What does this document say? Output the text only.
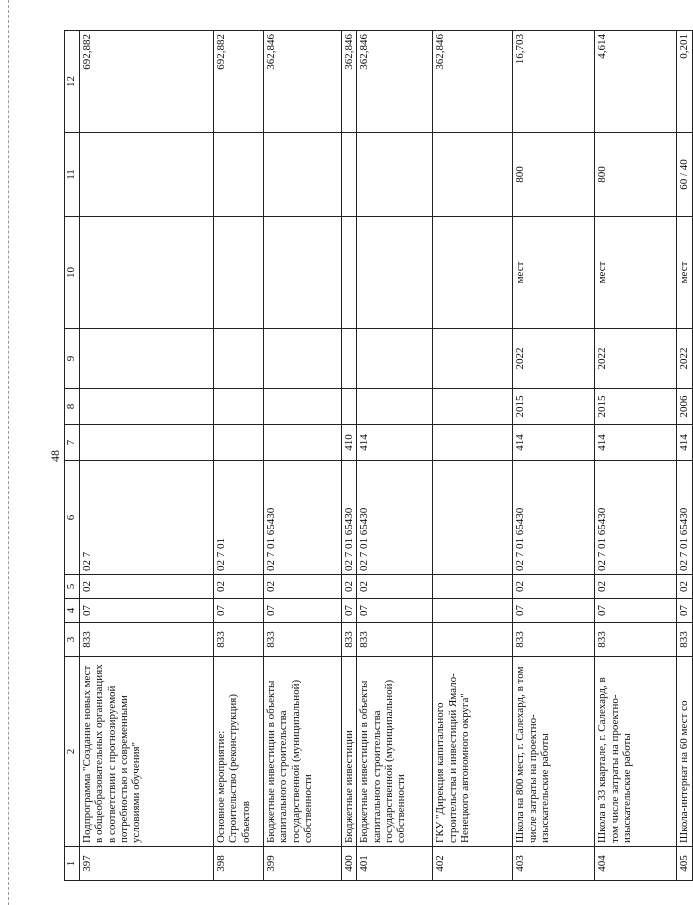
48
1	2	3	4	5	6	7	8	9	10	11	12
397	Подпрограмма "Создание новых мест в общеобразовательных организациях в соответствии с прогнозируемой потребностью и современными условиями обучения"	833	07	02	02 7						692,882
398	Основное мероприятие: Строительство (реконструкция) объектов	833	07	02	02 7 01						692,882
399	Бюджетные инвестиции в объекты капитального строительства государственной (муниципальной) собственности	833	07	02	02 7 01 65430						362,846
400	Бюджетные инвестиции	833	07	02	02 7 01 65430	410					362,846
401	Бюджетные инвестиции в объекты капитального строительства государственной (муниципальной) собственности	833	07	02	02 7 01 65430	414					362,846
402	ГКУ "Дирекция капитального строительства и инвестиций Ямало-Ненецкого автономного округа"										362,846
403	Школа на 800 мест, г. Салехард, в том числе затраты на проектно-изыскательские работы	833	07	02	02 7 01 65430	414	2015	2022	мест	800	16,703
404	Школа в 33 квартале, г. Салехард, в том числе затраты на проектно-изыскательские работы	833	07	02	02 7 01 65430	414	2015	2022	мест	800	4,614
405	Школа-интернат на 60 мест со	833	07	02	02 7 01 65430	414	2006	2022	мест	60 / 40	0,201
